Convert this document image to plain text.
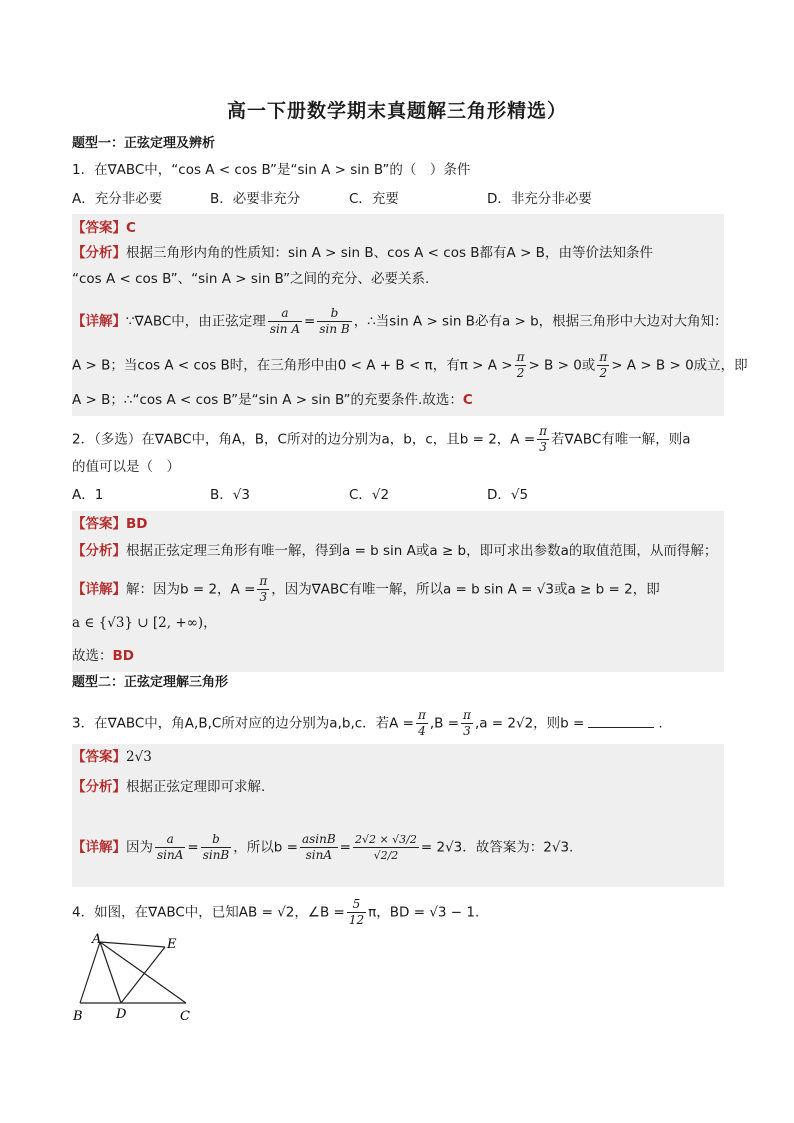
高一下册数学期末真题解三角形精选）
题型一：正弦定理及辨析
1．在∇ABC中，“cos A < cos B”是“sin A > sin B”的（　）条件
A．充分非必要	B．必要非充分	C．充要	D．非充分非必要
【答案】C
【分析】根据三角形内角的性质知：sin A > sin B、cos A < cos B都有A > B，由等价法知条件
“cos A < cos B”、“sin A > sin B”之间的充分、必要关系.
【详解】∵∇ABC中，由正弦定理 $\frac{a}{\text{sin A}} = \frac{b}{\text{sin B}}$ ，∴当sin A > sin B必有a > b，根据三角形中大边对大角知：
A > B；当cos A < cos B时，在三角形中由0 < A + B < π，有$\pi > A > \frac{\pi}{2} > B > 0$或 $\frac{\pi}{2} > A > B > 0$成立，即
A > B；∴“cos A < cos B”是“sin A > sin B”的充要条件.故选：C
2．（多选）在∇ABC中，角A，B，C所对的边分别为a，b，c，且b = 2，$A = \frac{\pi}{3}$ 若∇ABC有唯一解，则a
的值可以是（　）
A．1	B．√3	C．√2	D．√5
【答案】BD
【分析】根据正弦定理三角形有唯一解，得到a = b sin A或a ≥ b，即可求出参数a的取值范围，从而得解；
【详解】解：因为b = 2，$A = \frac{\pi}{3}$ ，因为∇ABC有唯一解，所以a = b sin A = √3或a ≥ b = 2，即
a ∈ {√3} ∪ [2, +∞)，
故选：BD
题型二：正弦定理解三角形
3．在∇ABC中，角A,B,C所对应的边分别为a,b,c．若$A = \frac{\pi}{4} ,B = \frac{\pi}{3} ,a = 2√2$，则b =	.
【答案】2√3
【分析】根据正弦定理即可求解.
【详解】因为 $\frac{a}{\sin A} = \frac{b}{\sin B}$ ，所以$b = \frac{asinB}{\sin A} = \frac{2√2 \times √3/2}{√2/2} = 2√3$．故答案为：2√3.
4．如图，在∇ABC中，已知AB = √2，∠B = $\frac{5}{12}$ π，BD = √3 − 1.
A
B	C
D
E
